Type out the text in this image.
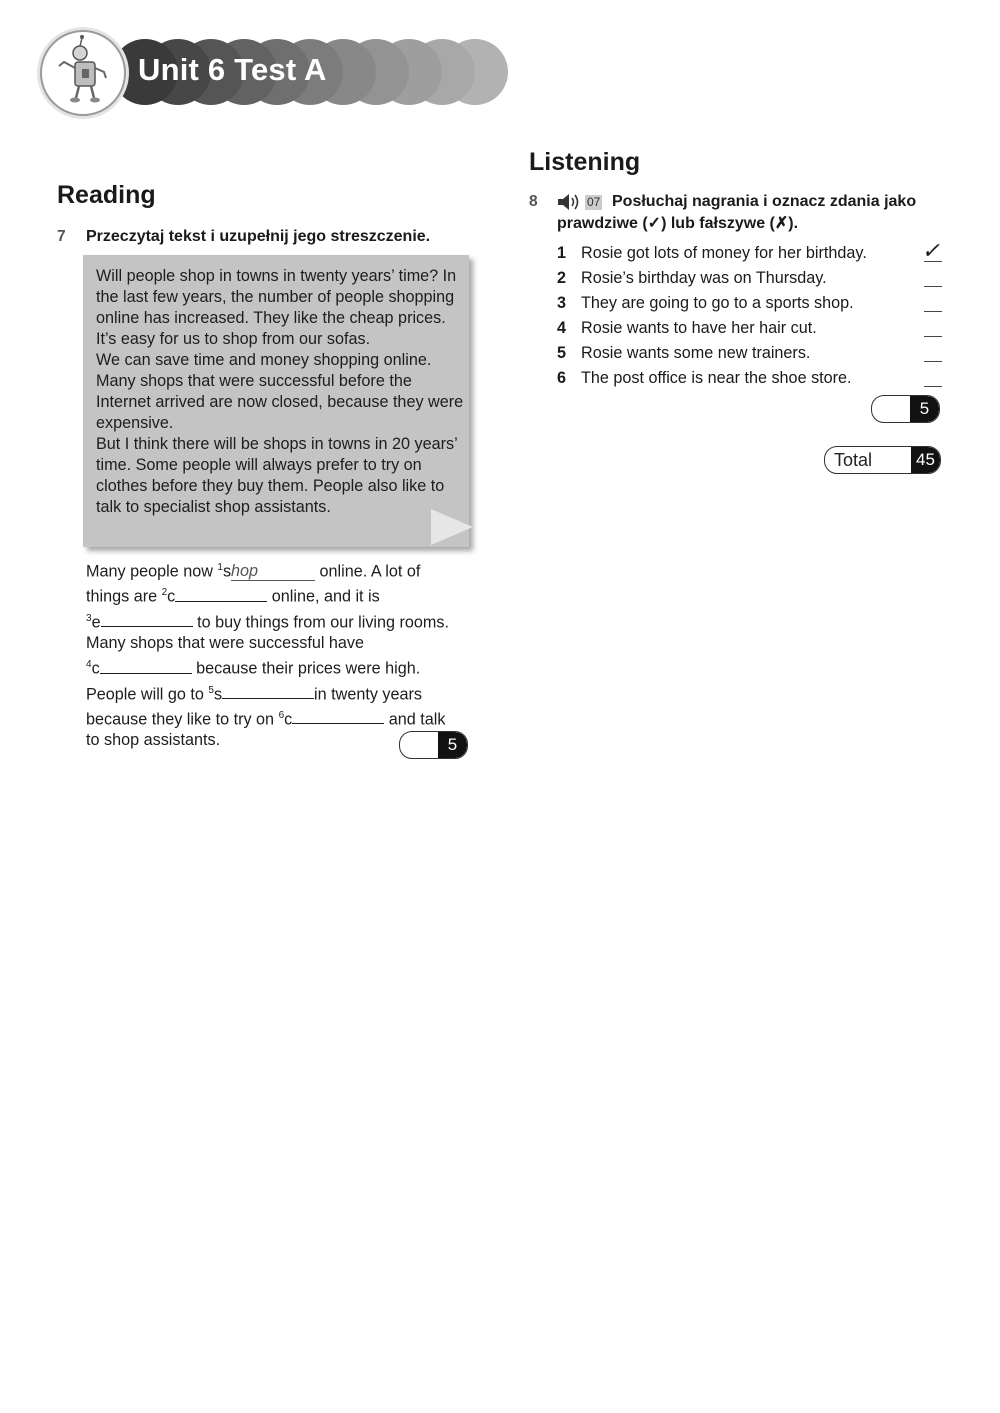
Unit 6 Test A
Reading
7 Przeczytaj tekst i uzupełnij jego streszczenie.

Will people shop in towns in twenty years’ time? In the last few years, the number of people shopping online has increased. They like the cheap prices. It’s easy for us to shop from our sofas.

We can save time and money shopping online. Many shops that were successful before the Internet arrived are now closed, because they were expensive.

But I think there will be shops in towns in 20 years’ time. Some people will always prefer to try on clothes before they buy them. People also like to talk to specialist shop assistants.

Many people now $^1$shop	online. A lot of

things are $^2$c	online, and it is

$^3$e	to buy things from our living rooms.

Many shops that were successful have

$^4$c	because their prices were high.

People will go to $^5$s	in twenty years

because they like to try on $^6$c	and talk

to shop assistants.	5
Listening
8	07 Posłuchaj nagrania i oznacz zdania jako
prawdziwe (✓) lub fałszywe (✗).
1 Rosie got lots of money for her birthday. ✓
2 Rosie’s birthday was on Thursday.
3 They are going to go to a sports shop.
4 Rosie wants to have her hair cut.
5 Rosie wants some new trainers.
6 The post office is near the shoe store.
5
Total	45
